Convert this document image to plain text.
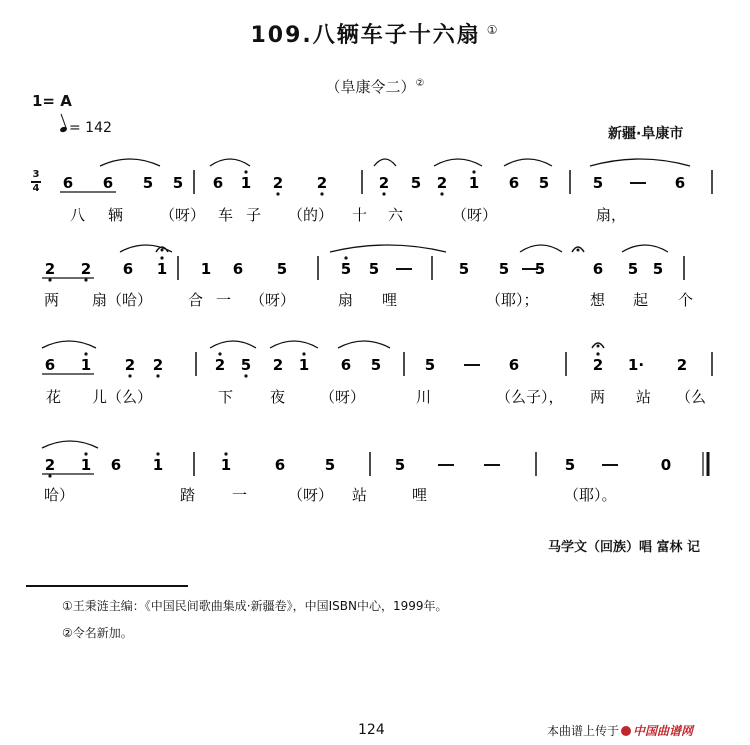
109.八辆车子十六扇 ①
（阜康令二）②
1= A
= 142	新疆·阜康市
3
4 6 6 5 5 6 1 2 2	2 5 2 1 6 5	5	6
八 辆 （呀） 车 子 （的） 十 六	（呀）	扇，
2 2 6 1 1 6 5	5 5	5 5 5	6 5 5
两 扇（哈） 合 一 （呀）	扇 哩	（耶）；	想 起 个
6 1 2 2	2 5 2 1 6 5	5	6	2 1· 2
花 儿（么）	下 夜 （呀）	川	（么子）， 两 站 （么
2 1 6 1	1	6	5	5	5	0
哈）	踏 一	（呀） 站	哩	（耶）。
马学文（回族）唱 富林 记
①王秉涟主编：《中国民间歌曲集成·新疆卷》，中国ISBN中心，1999年。
②令名新加。
124	本曲谱上传于 中国曲谱网
